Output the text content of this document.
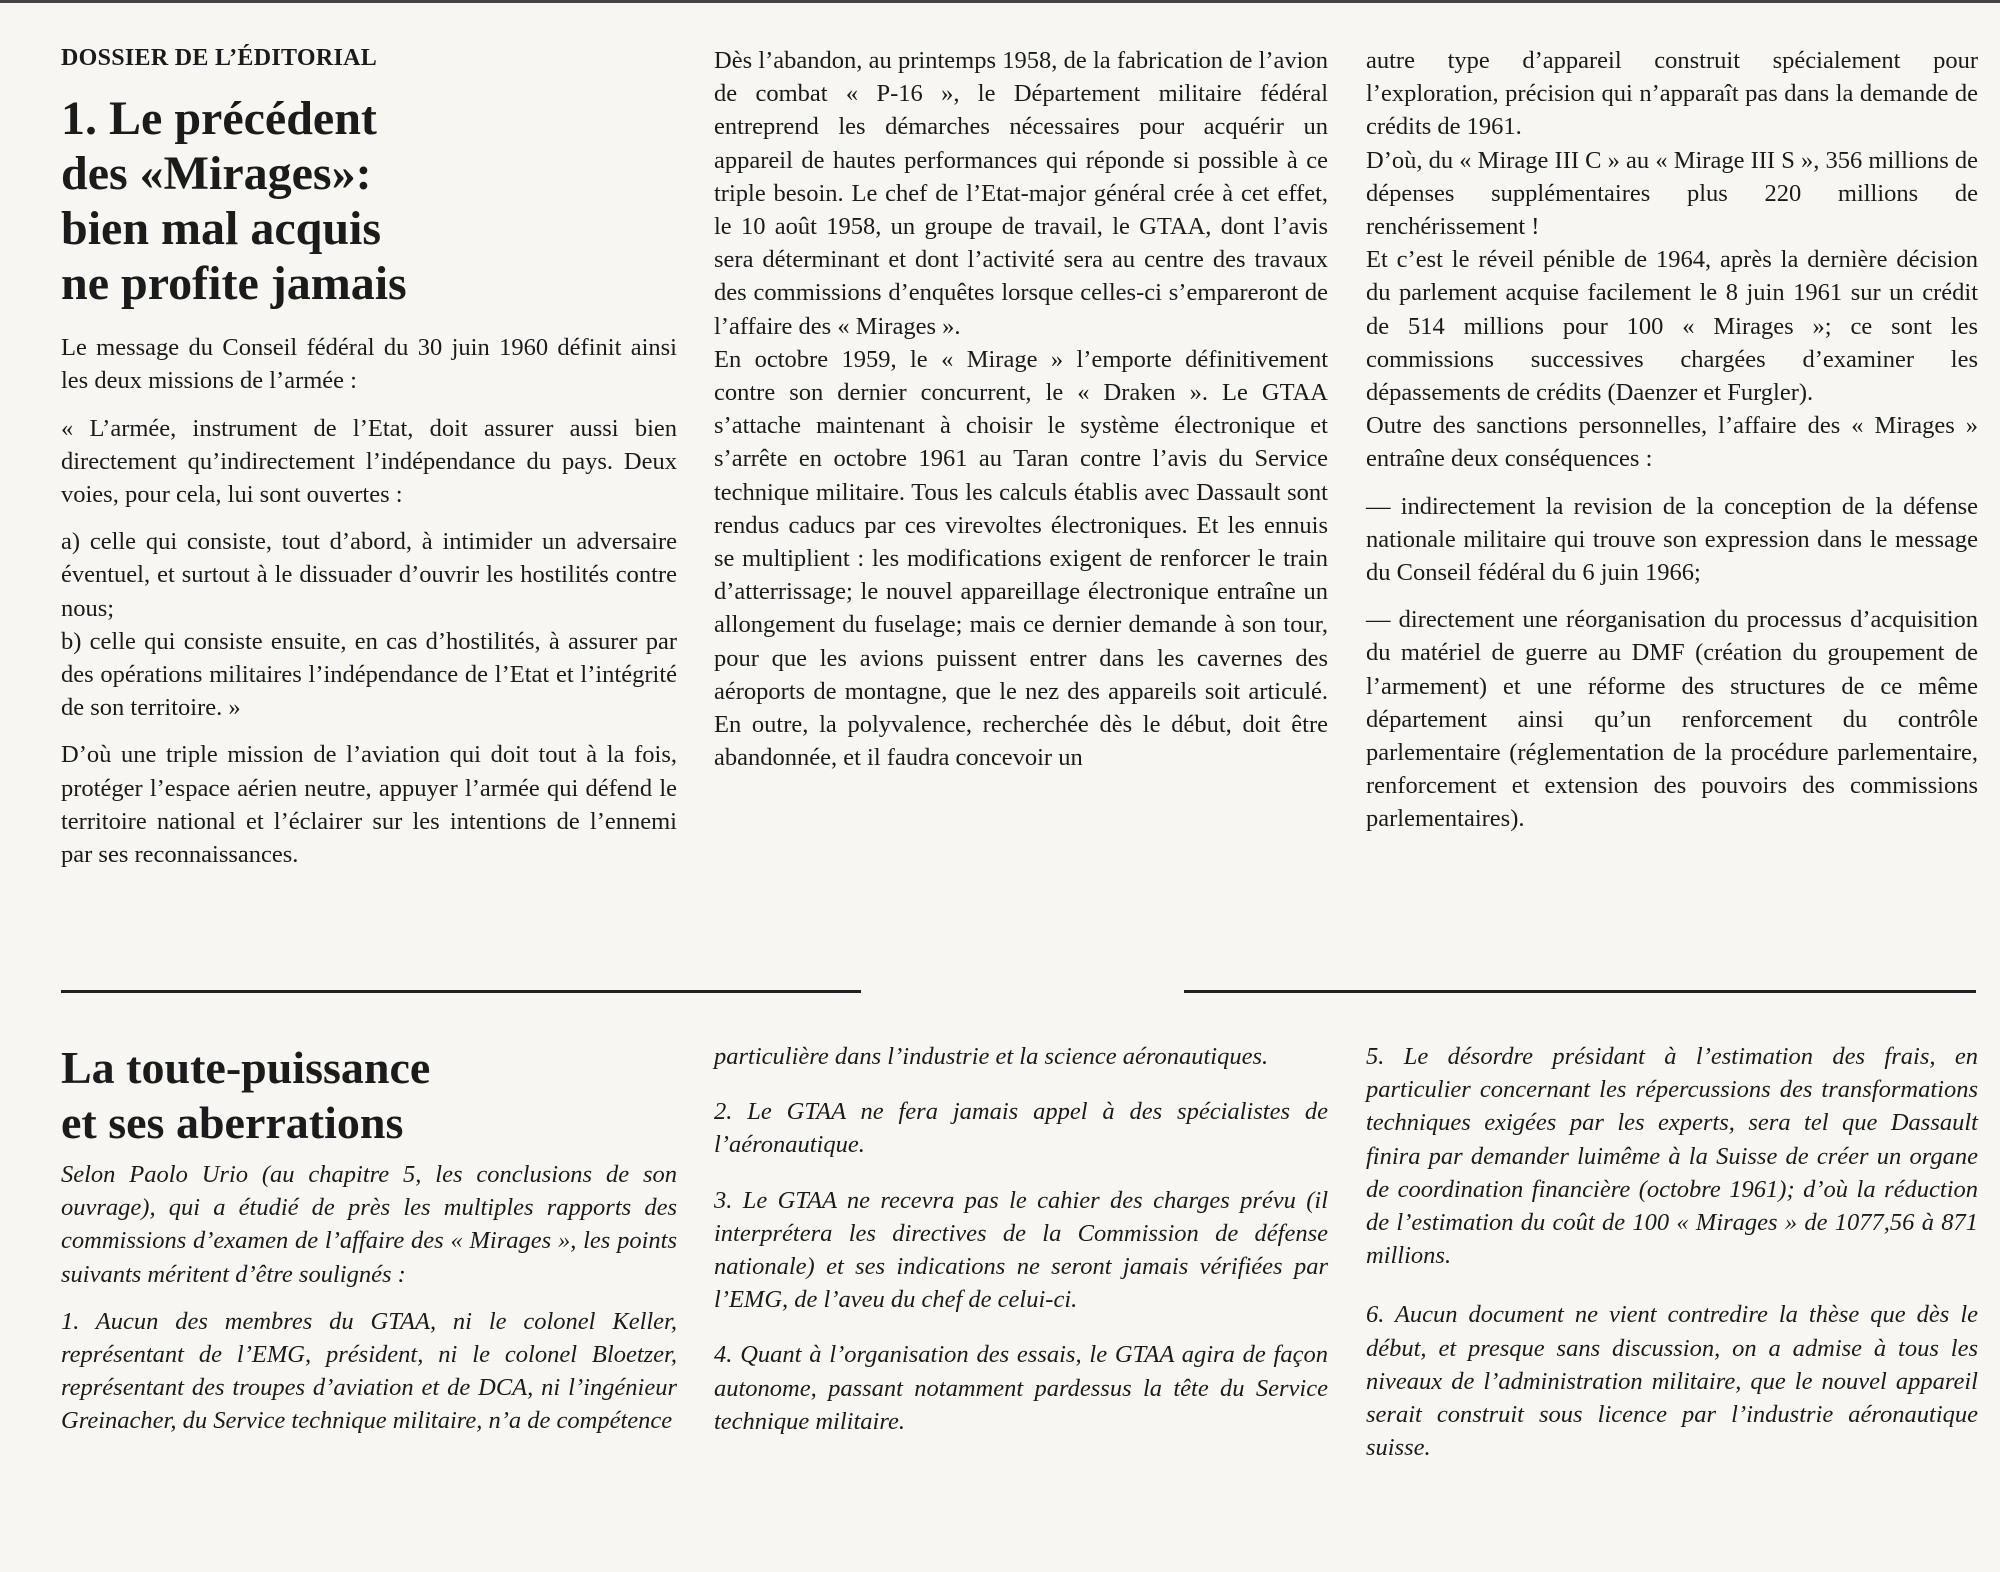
DOSSIER DE L’ÉDITORIAL
1. Le précédent
des «Mirages»:
bien mal acquis
ne profite jamais

Le message du Conseil fédéral du 30 juin 1960 définit ainsi les deux missions de l’armée :

« L’armée, instrument de l’Etat, doit assurer aussi bien directement qu’indirectement l’indépendance du pays. Deux voies, pour cela, lui sont ouvertes :

a) celle qui consiste, tout d’abord, à intimider un adversaire éventuel, et surtout à le dissuader d’ouvrir les hostilités contre nous;

b) celle qui consiste ensuite, en cas d’hostilités, à assurer par des opérations militaires l’indépendance de l’Etat et l’intégrité de son territoire. »

D’où une triple mission de l’aviation qui doit tout à la fois, protéger l’espace aérien neutre, appuyer l’armée qui défend le territoire national et l’éclairer sur les intentions de l’ennemi par ses reconnaissances.

Dès l’abandon, au printemps 1958, de la fabrication de l’avion de combat « P-16 », le Département militaire fédéral entreprend les démarches nécessaires pour acquérir un appareil de hautes performances qui réponde si possible à ce triple besoin. Le chef de l’Etat-major général crée à cet effet, le 10 août 1958, un groupe de travail, le GTAA, dont l’avis sera déterminant et dont l’activité sera au centre des travaux des commissions d’enquêtes lorsque celles-ci s’empareront de l’affaire des « Mirages ».

En octobre 1959, le « Mirage » l’emporte définitivement contre son dernier concurrent, le « Draken ». Le GTAA s’attache maintenant à choisir le système électronique et s’arrête en octobre 1961 au Taran contre l’avis du Service technique militaire. Tous les calculs établis avec Dassault sont rendus caducs par ces virevoltes électroniques. Et les ennuis se multiplient : les modifications exigent de renforcer le train d’atterrissage; le nouvel appareillage électronique entraîne un allongement du fuselage; mais ce dernier demande à son tour, pour que les avions puissent entrer dans les cavernes des aéroports de montagne, que le nez des appareils soit articulé. En outre, la polyvalence, recherchée dès le début, doit être abandonnée, et il faudra concevoir un

autre type d’appareil construit spécialement pour l’exploration, précision qui n’apparaît pas dans la demande de crédits de 1961.

D’où, du « Mirage III C » au « Mirage III S », 356 millions de dépenses supplémentaires plus 220 millions de renchérissement !

Et c’est le réveil pénible de 1964, après la dernière décision du parlement acquise facilement le 8 juin 1961 sur un crédit de 514 millions pour 100 « Mirages »; ce sont les commissions successives chargées d’examiner les dépassements de crédits (Daenzer et Furgler).

Outre des sanctions personnelles, l’affaire des « Mirages » entraîne deux conséquences :

— indirectement la revision de la conception de la défense nationale militaire qui trouve son expression dans le message du Conseil fédéral du 6 juin 1966;

— directement une réorganisation du processus d’acquisition du matériel de guerre au DMF (création du groupement de l’armement) et une réforme des structures de ce même département ainsi qu’un renforcement du contrôle parlementaire (réglementation de la procédure parlementaire, renforcement et extension des pouvoirs des commissions parlementaires).

La toute-puissance
et ses aberrations

Selon Paolo Urio (au chapitre 5, les conclusions de son ouvrage), qui a étudié de près les multiples rapports des commissions d’examen de l’affaire des « Mirages », les points suivants méritent d’être soulignés :

1. Aucun des membres du GTAA, ni le colonel Keller, représentant de l’EMG, président, ni le colonel Bloetzer, représentant des troupes d’aviation et de DCA, ni l’ingénieur Greinacher, du Service technique militaire, n’a de compétence

particulière dans l’industrie et la science aéronautiques.

2. Le GTAA ne fera jamais appel à des spécialistes de l’aéronautique.

3. Le GTAA ne recevra pas le cahier des charges prévu (il interprétera les directives de la Commission de défense nationale) et ses indications ne seront jamais vérifiées par l’EMG, de l’aveu du chef de celui-ci.

4. Quant à l’organisation des essais, le GTAA agira de façon autonome, passant notamment pardessus la tête du Service technique militaire.

5. Le désordre présidant à l’estimation des frais, en particulier concernant les répercussions des transformations techniques exigées par les experts, sera tel que Dassault finira par demander luimême à la Suisse de créer un organe de coordination financière (octobre 1961); d’où la réduction de l’estimation du coût de 100 « Mirages » de 1077,56 à 871 millions.

6. Aucun document ne vient contredire la thèse que dès le début, et presque sans discussion, on a admise à tous les niveaux de l’administration militaire, que le nouvel appareil serait construit sous licence par l’industrie aéronautique suisse.
